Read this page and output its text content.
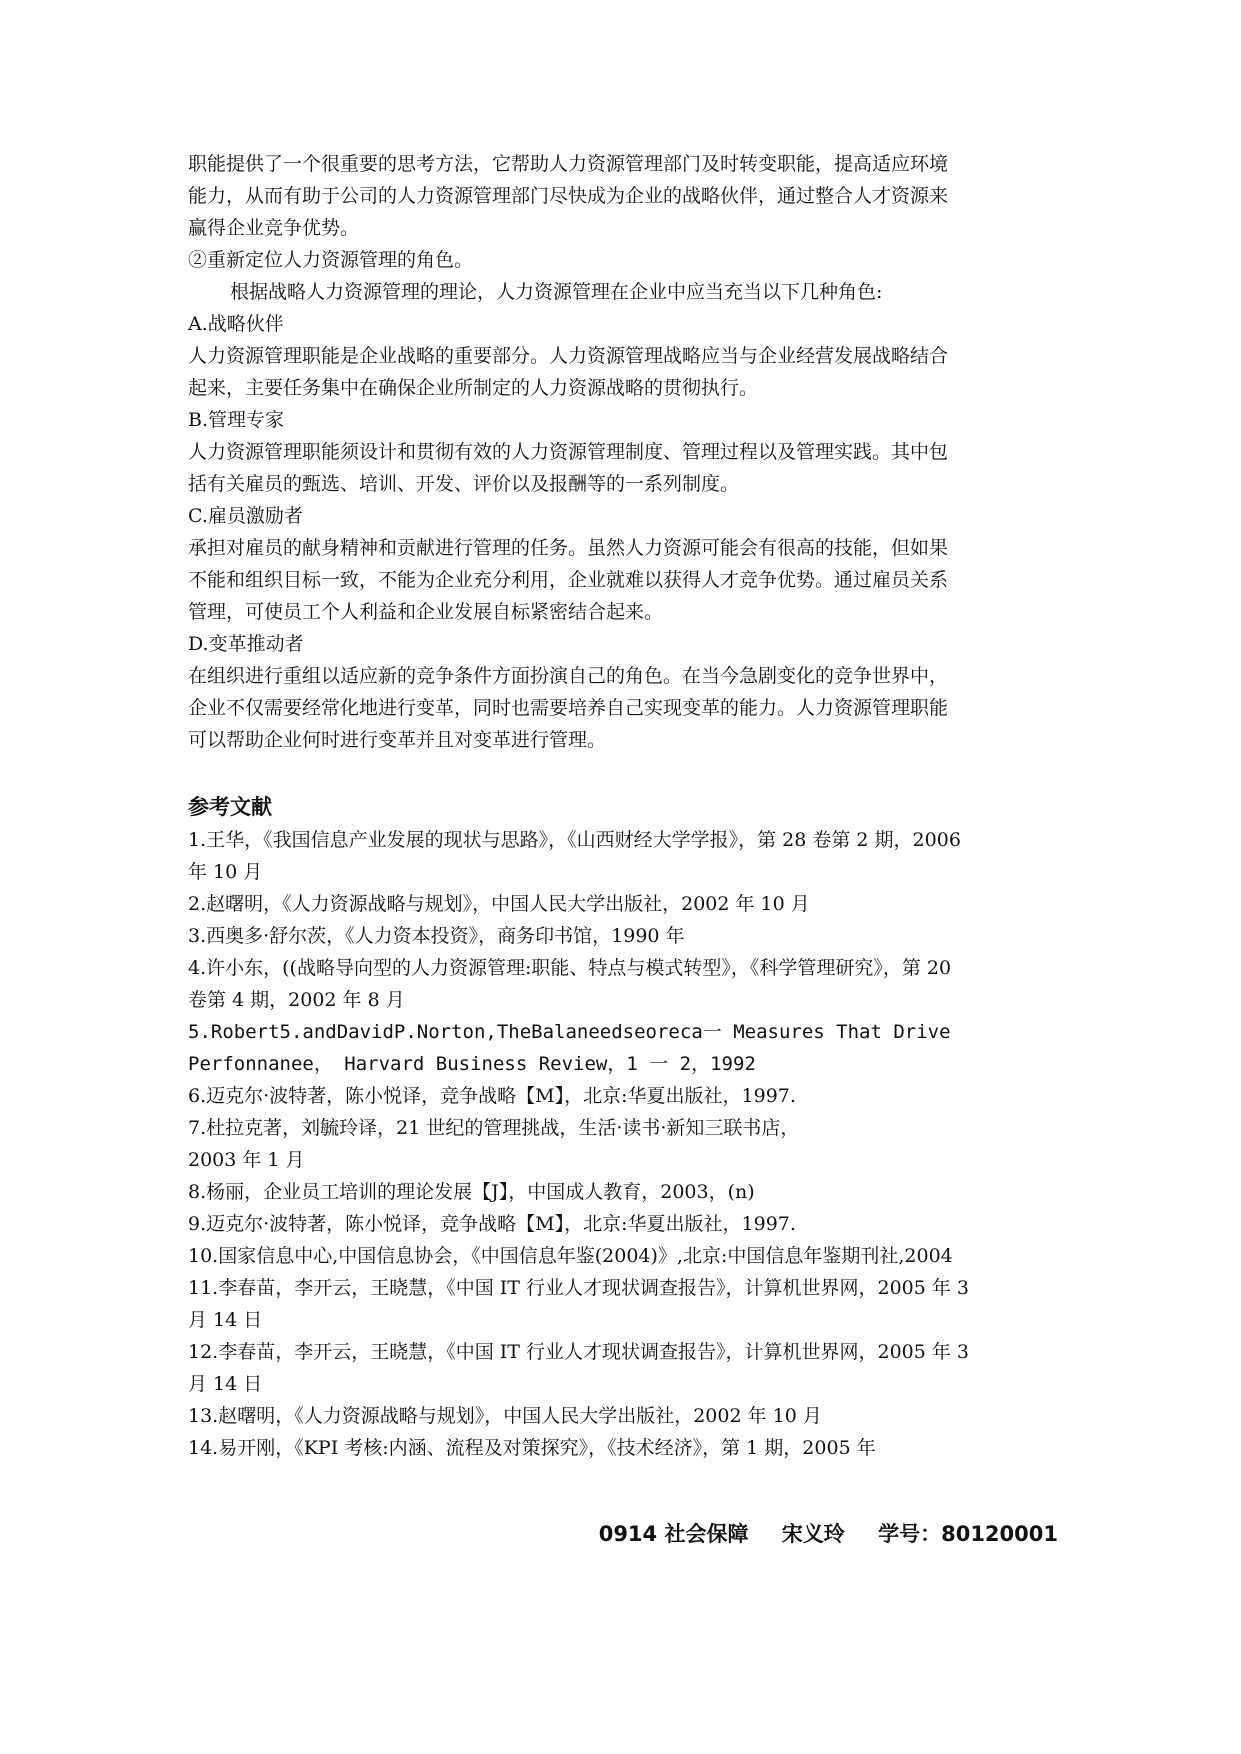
职能提供了一个很重要的思考方法，它帮助人力资源管理部门及时转变职能，提高适应环境
能力，从而有助于公司的人力资源管理部门尽快成为企业的战略伙伴，通过整合人才资源来
赢得企业竞争优势。
②重新定位人力资源管理的角色。
根据战略人力资源管理的理论，人力资源管理在企业中应当充当以下几种角色:
A.战略伙伴
人力资源管理职能是企业战略的重要部分。人力资源管理战略应当与企业经营发展战略结合
起来，主要任务集中在确保企业所制定的人力资源战略的贯彻执行。
B.管理专家
人力资源管理职能须设计和贯彻有效的人力资源管理制度、管理过程以及管理实践。其中包
括有关雇员的甄选、培训、开发、评价以及报酬等的一系列制度。
C.雇员激励者
承担对雇员的献身精神和贡献进行管理的任务。虽然人力资源可能会有很高的技能，但如果
不能和组织目标一致，不能为企业充分利用，企业就难以获得人才竞争优势。通过雇员关系
管理，可使员工个人利益和企业发展自标紧密结合起来。
D.变革推动者
在组织进行重组以适应新的竞争条件方面扮演自己的角色。在当今急剧变化的竞争世界中，
企业不仅需要经常化地进行变革，同时也需要培养自己实现变革的能力。人力资源管理职能
可以帮助企业何时进行变革并且对变革进行管理。
参考文献
1.王华，《我国信息产业发展的现状与思路》，《山西财经大学学报》，第 28 卷第 2 期，2006
年 10 月
2.赵曙明，《人力资源战略与规划》，中国人民大学出版社，2002 年 10 月
3.西奥多·舒尔茨，《人力资本投资》，商务印书馆，1990 年
4.许小东，((战略导向型的人力资源管理:职能、特点与模式转型》，《科学管理研究》，第 20
卷第 4 期，2002 年 8 月
5.Robert5.andDavidP.Norton,TheBalaneedseoreca一 Measures That Drive
Perfonnanee， Harvard Business Review，1 一 2，1992
6.迈克尔·波特著，陈小悦译，竞争战略【M】，北京:华夏出版社，1997.
7.杜拉克著，刘毓玲译，21 世纪的管理挑战，生活·读书·新知三联书店，
2003 年 1 月
8.杨丽，企业员工培训的理论发展【J】，中国成人教育，2003，(n)
9.迈克尔·波特著，陈小悦译，竞争战略【M】，北京:华夏出版社，1997.
10.国家信息中心,中国信息协会，《中国信息年鉴(2004)》,北京:中国信息年鉴期刊社,2004
11.李春苗，李开云，王晓慧，《中国 IT 行业人才现状调查报告》，计算机世界网，2005 年 3
月 14 日
12.李春苗，李开云，王晓慧，《中国 IT 行业人才现状调查报告》，计算机世界网，2005 年 3
月 14 日
13.赵曙明，《人力资源战略与规划》，中国人民大学出版社，2002 年 10 月
14.易开刚，《KPI 考核:内涵、流程及对策探究》，《技术经济》，第 1 期，2005 年
0914 社会保障 宋义玲 学号：80120001
